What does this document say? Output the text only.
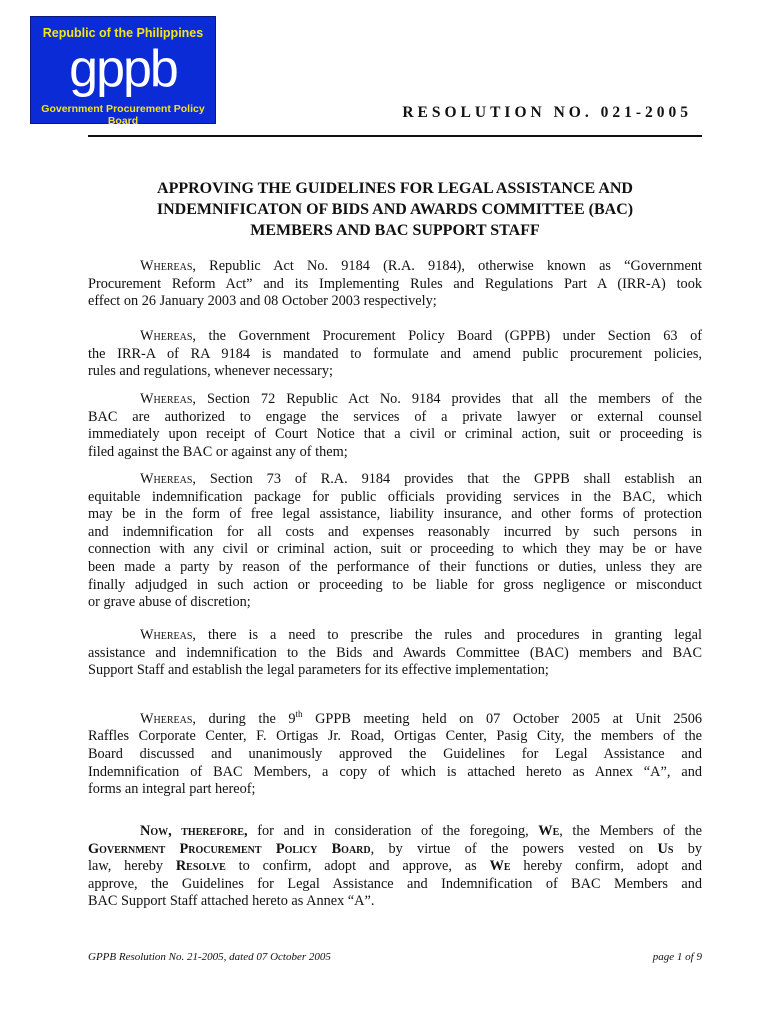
Republic of the Philippines
gppb
Government Procurement Policy Board	RESOLUTION NO. 021-2005
APPROVING THE GUIDELINES FOR LEGAL ASSISTANCE AND
INDEMNIFICATON OF BIDS AND AWARDS COMMITTEE (BAC)
MEMBERS AND BAC SUPPORT STAFF
Whereas, Republic Act No. 9184 (R.A. 9184), otherwise known as “Government
Procurement Reform Act” and its Implementing Rules and Regulations Part A (IRR-A) took
effect on 26 January 2003 and 08 October 2003 respectively;
Whereas, the Government Procurement Policy Board (GPPB) under Section 63 of
the IRR-A of RA 9184 is mandated to formulate and amend public procurement policies,
rules and regulations, whenever necessary;
Whereas, Section 72 Republic Act No. 9184 provides that all the members of the
BAC are authorized to engage the services of a private lawyer or external counsel
immediately upon receipt of Court Notice that a civil or criminal action, suit or proceeding is
filed against the BAC or against any of them;
Whereas, Section 73 of R.A. 9184 provides that the GPPB shall establish an
equitable indemnification package for public officials providing services in the BAC, which
may be in the form of free legal assistance, liability insurance, and other forms of protection
and indemnification for all costs and expenses reasonably incurred by such persons in
connection with any civil or criminal action, suit or proceeding to which they may be or have
been made a party by reason of the performance of their functions or duties, unless they are
finally adjudged in such action or proceeding to be liable for gross negligence or misconduct
or grave abuse of discretion;
Whereas, there is a need to prescribe the rules and procedures in granting legal
assistance and indemnification to the Bids and Awards Committee (BAC) members and BAC
Support Staff and establish the legal parameters for its effective implementation;
Whereas, during the 9th GPPB meeting held on 07 October 2005 at Unit 2506
Raffles Corporate Center, F. Ortigas Jr. Road, Ortigas Center, Pasig City, the members of the
Board discussed and unanimously approved the Guidelines for Legal Assistance and
Indemnification of BAC Members, a copy of which is attached hereto as Annex “A”, and
forms an integral part hereof;
Now, therefore, for and in consideration of the foregoing, We, the Members of the
Government Procurement Policy Board, by virtue of the powers vested on Us by
law, hereby Resolve to confirm, adopt and approve, as We hereby confirm, adopt and
approve, the Guidelines for Legal Assistance and Indemnification of BAC Members and
BAC Support Staff attached hereto as Annex “A”.
GPPB Resolution No. 21-2005, dated 07 October 2005	page 1 of 9
